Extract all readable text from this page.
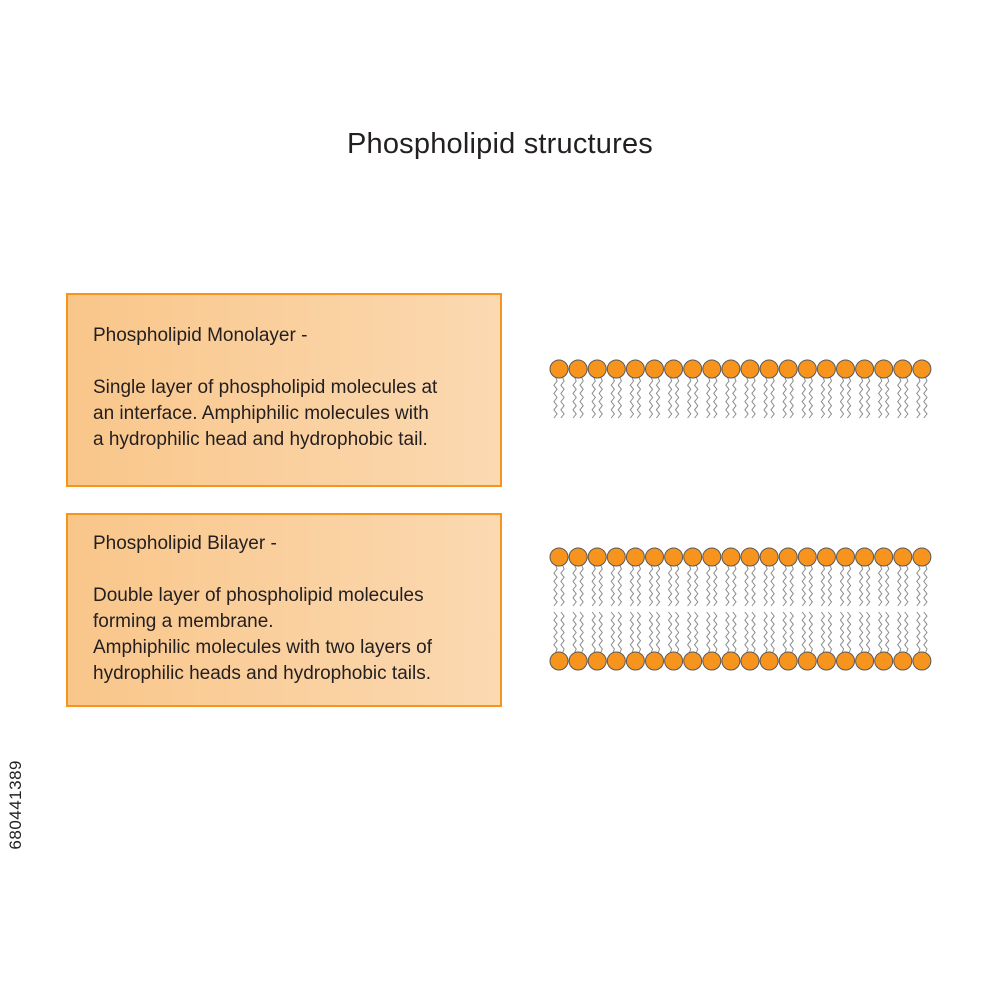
Phospholipid structures
Phospholipid Monolayer -
Single layer of phospholipid molecules at
an interface. Amphiphilic molecules with
a hydrophilic head and hydrophobic tail.
Phospholipid Bilayer -
Double layer of phospholipid molecules
forming a membrane.
Amphiphilic molecules with two layers of
hydrophilic heads and hydrophobic tails.
680441389
